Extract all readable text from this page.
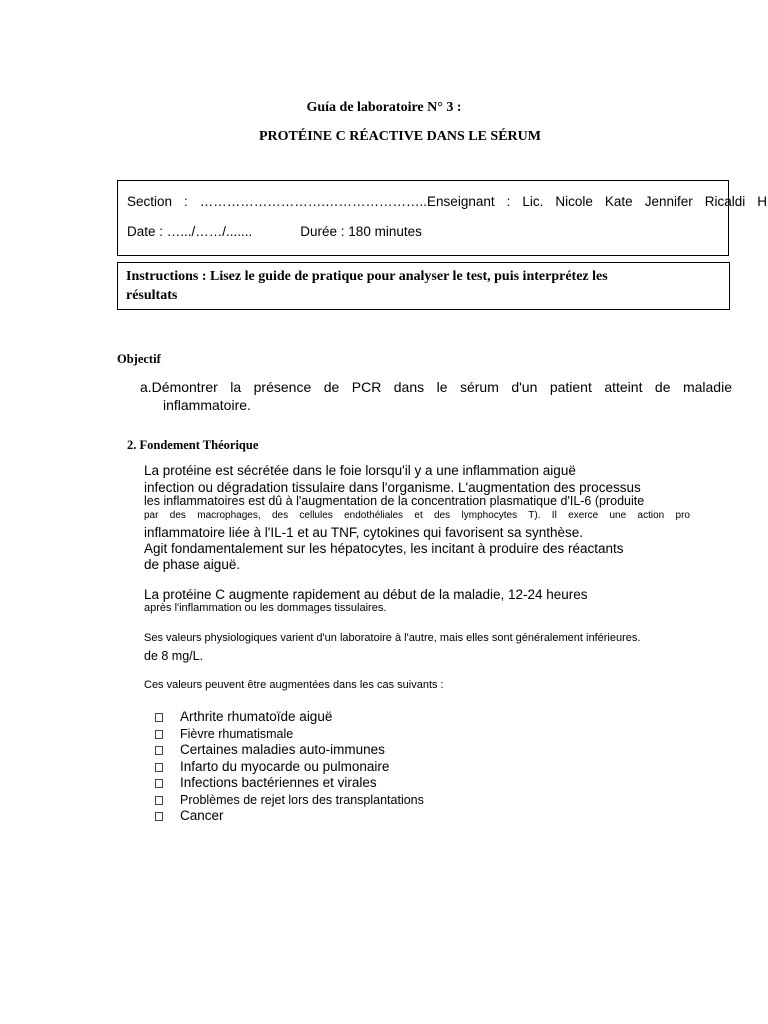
Guía de laboratoire N° 3 :
PROTÉINE C RÉACTIVE DANS LE SÉRUM
Section : ……………………….…………………..Enseignant : Lic. Nicole Kate Jennifer Ricaldi H
Date : ….../……/.......	Durée : 180 minutes

Instructions : Lisez le guide de pratique pour analyser le test, puis interprétez les résultats

Objectif
a.Démontrer la présence de PCR dans le sérum d'un patient atteint de maladie
inflammatoire.
2. Fondement Théorique
La protéine est sécrétée dans le foie lorsqu'il y a une inflammation aiguë
infection ou dégradation tissulaire dans l'organisme. L'augmentation des processus
les inflammatoires est dû à l'augmentation de la concentration plasmatique d'IL-6 (produite
par des macrophages, des cellules endothéliales et des lymphocytes T). Il exerce une action pro
inflammatoire liée à l'IL-1 et au TNF, cytokines qui favorisent sa synthèse.
Agit fondamentalement sur les hépatocytes, les incitant à produire des réactants
de phase aiguë.
La protéine C augmente rapidement au début de la maladie, 12-24 heures
après l'inflammation ou les dommages tissulaires.
Ses valeurs physiologiques varient d'un laboratoire à l'autre, mais elles sont généralement inférieures.
de 8 mg/L.
Ces valeurs peuvent être augmentées dans les cas suivants :
Arthrite rhumatoïde aiguë
Fièvre rhumatismale
Certaines maladies auto-immunes
Infarto du myocarde ou pulmonaire
Infections bactériennes et virales
Problèmes de rejet lors des transplantations
Cancer
